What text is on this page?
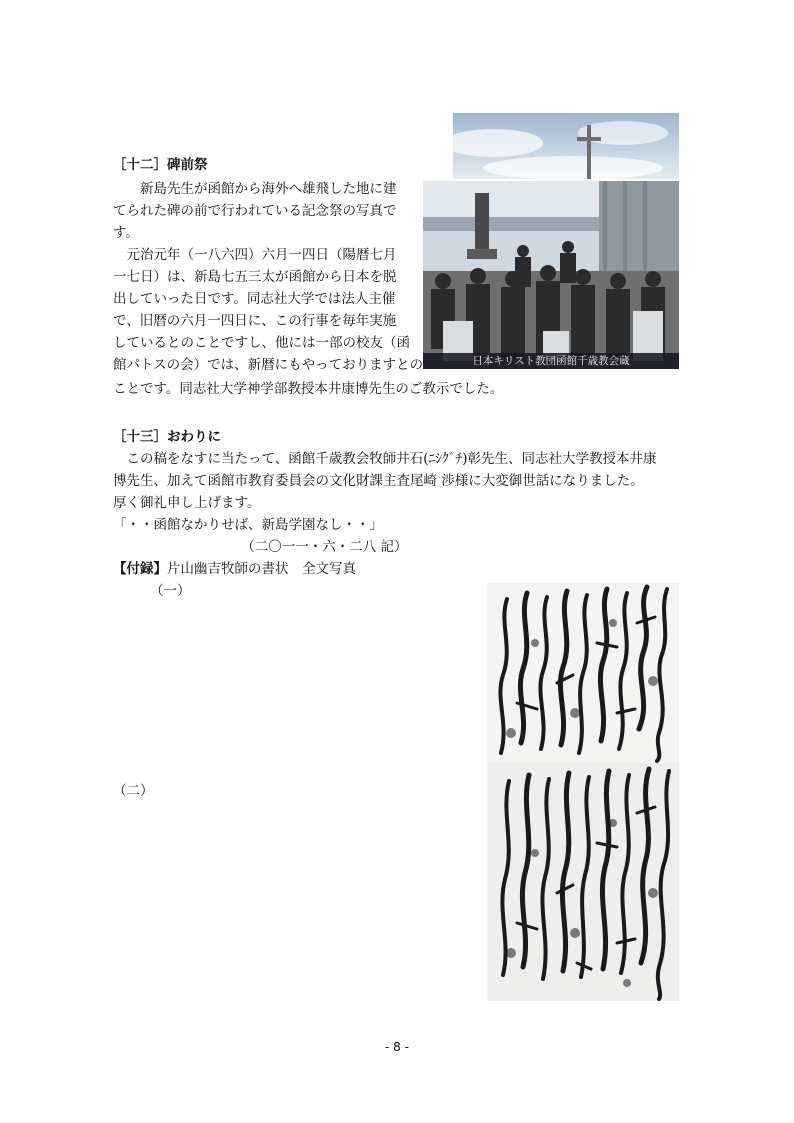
［十二］碑前祭
　　新島先生が函館から海外へ雄飛した地に建
てられた碑の前で行われている記念祭の写真で
す。
　元治元年（一八六四）六月一四日（陽暦七月
一七日）は、新島七五三太が函館から日本を脱
出していった日です。同志社大学では法人主催
で、旧暦の六月一四日に、この行事を毎年実施
しているとのことですし、他には一部の校友（函
館パトスの会）では、新暦にもやっておりますとの
ことです。同志社大学神学部教授本井康博先生のご教示でした。
日本キリスト教団函館千歳教会蔵
［十三］おわりに
　この稿をなすに当たって、函館千歳教会牧師井石(ﾆｼｸﾞﾁ)彰先生、同志社大学教授本井康
博先生、加えて函館市教育委員会の文化財課主査尾崎 渉様に大変御世話になりました。
厚く御礼申し上げます。
「・・函館なかりせば、新島学園なし・・」
　　　　　　　　　　（二〇一一・六・二八 記）
【付録】片山幽吉牧師の書状　全文写真
（一）
（二）
- 8 -
